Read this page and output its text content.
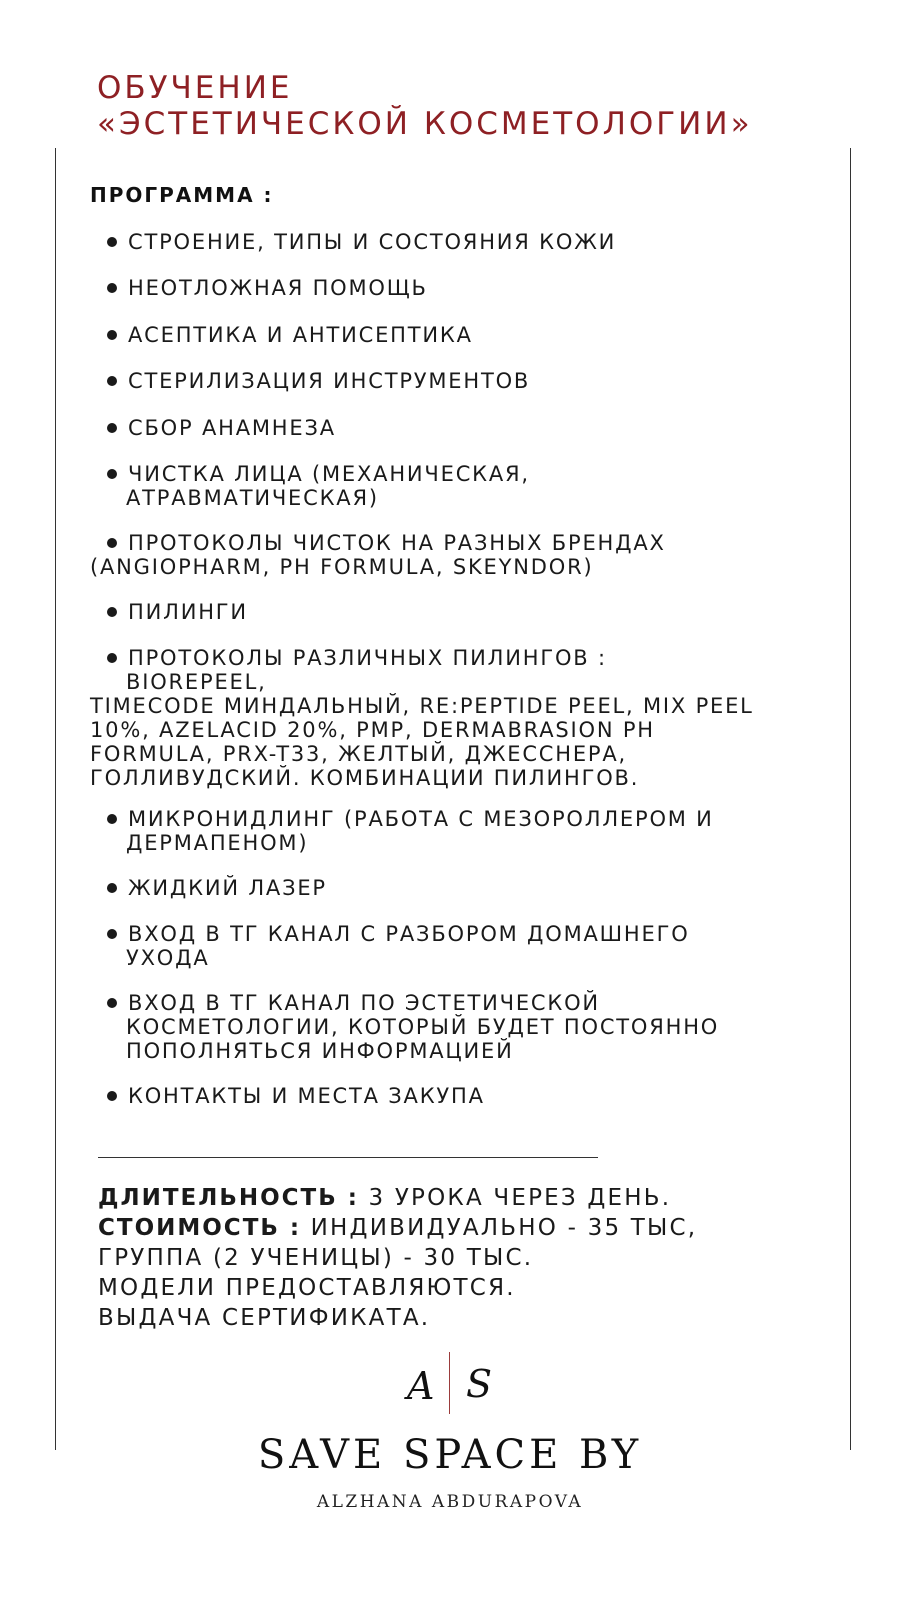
ОБУЧЕНИЕ
«ЭСТЕТИЧЕСКОЙ КОСМЕТОЛОГИИ»
ПРОГРАММА :
СТРОЕНИЕ, ТИПЫ И СОСТОЯНИЯ КОЖИ
НЕОТЛОЖНАЯ ПОМОЩЬ
АСЕПТИКА И АНТИСЕПТИКА
СТЕРИЛИЗАЦИЯ ИНСТРУМЕНТОВ
СБОР АНАМНЕЗА
ЧИСТКА ЛИЦА (МЕХАНИЧЕСКАЯ,
АТРАВМАТИЧЕСКАЯ)
ПРОТОКОЛЫ ЧИСТОК НА РАЗНЫХ БРЕНДАХ
(ANGIOPHARM, PH FORMULA, SKEYNDOR)
ПИЛИНГИ
ПРОТОКОЛЫ РАЗЛИЧНЫХ ПИЛИНГОВ :
BIOREPEEL,
TIMECODE МИНДАЛЬНЫЙ, RE:PEPTIDE PEEL, MIX PEEL
10%, AZELACID 20%, PMP, DERMABRASION PH
FORMULA, PRX-T33, ЖЕЛТЫЙ, ДЖЕССНЕРА,
ГОЛЛИВУДСКИЙ. КОМБИНАЦИИ ПИЛИНГОВ.
МИКРОНИДЛИНГ (РАБОТА С МЕЗОРОЛЛЕРОМ И
ДЕРМАПЕНОМ)
ЖИДКИЙ ЛАЗЕР
ВХОД В ТГ КАНАЛ С РАЗБОРОМ ДОМАШНЕГО
УХОДА
ВХОД В ТГ КАНАЛ ПО ЭСТЕТИЧЕСКОЙ
КОСМЕТОЛОГИИ, КОТОРЫЙ БУДЕТ ПОСТОЯННО
ПОПОЛНЯТЬСЯ ИНФОРМАЦИЕЙ
КОНТАКТЫ И МЕСТА ЗАКУПА
ДЛИТЕЛЬНОСТЬ : 3 УРОКА ЧЕРЕЗ ДЕНЬ.
СТОИМОСТЬ : ИНДИВИДУАЛЬНО - 35 ТЫС,
ГРУППА (2 УЧЕНИЦЫ) - 30 ТЫС.
МОДЕЛИ ПРЕДОСТАВЛЯЮТСЯ.
ВЫДАЧА СЕРТИФИКАТА.
A S
SAVE SPACE BY
ALZHANA ABDURAPOVA
